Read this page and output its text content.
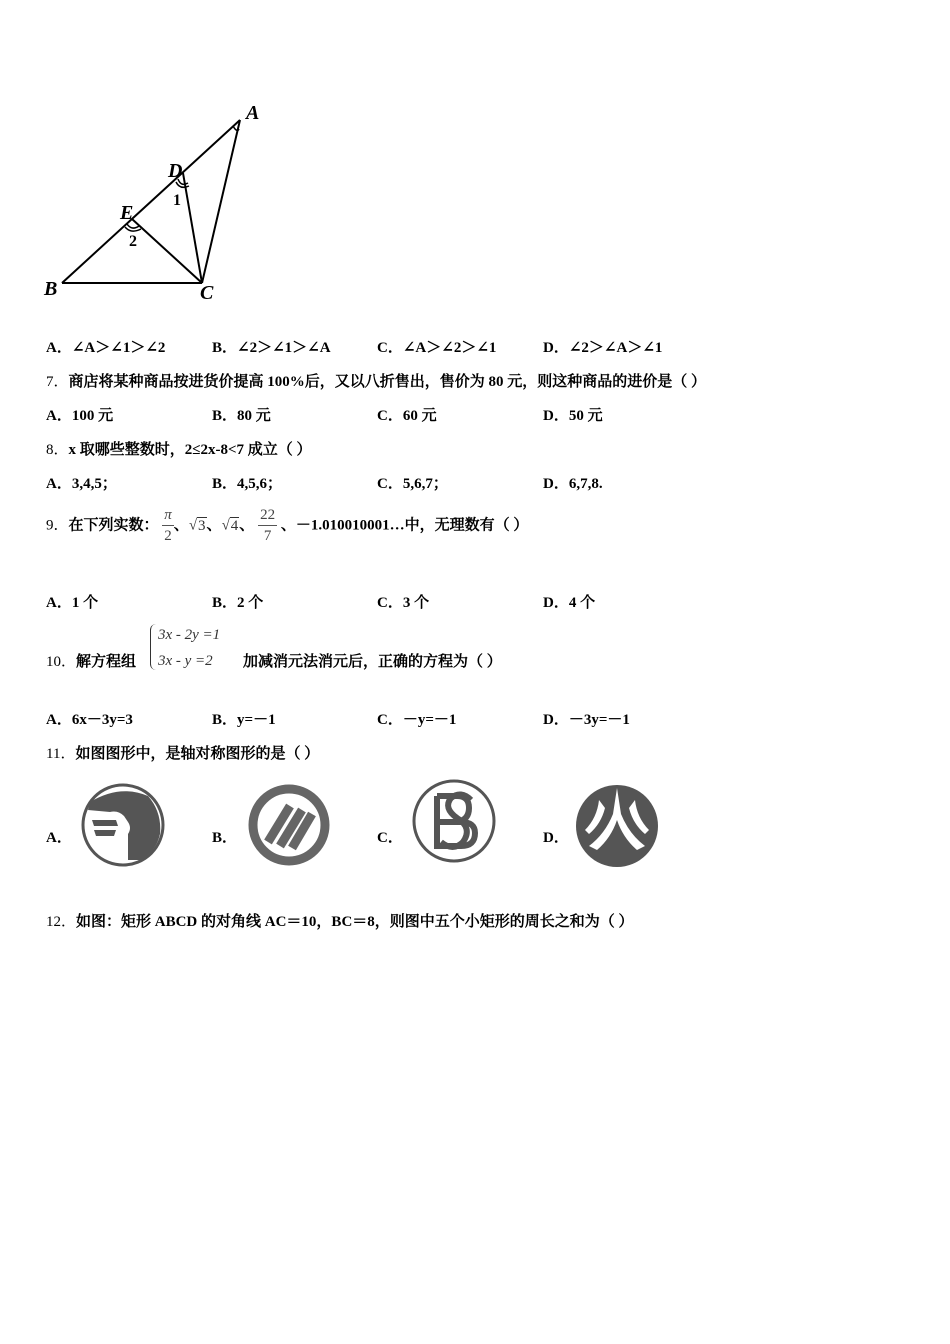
A
D
E
B	C
1
2
A．∠A＞∠1＞∠2	B．∠2＞∠1＞∠A	C．∠A＞∠2＞∠1	D．∠2＞∠A＞∠1
7．商店将某种商品按进货价提高 100%后，又以八折售出，售价为 80 元，则这种商品的进价是（ ）
A．100 元	B．80 元	C．60 元	D．50 元
8．x 取哪些整数时，2≤2x-8<7 成立（ ）
A．3,4,5；	B．4,5,6；	C．5,6,7；	D．6,7,8.
9．在下列实数： $\frac{\pi}{2}$ 、√3、√4、 $\frac{22}{7}$ 、－1.010010001…中，无理数有（ ）
A．1 个	B．2 个	C．3 个	D．4 个
10．解方程组
3x - 2y =1
3x - y =2 加减消元法消元后，正确的方程为（ ）
A．6x－3y=3	B．y=－1	C．－y=－1	D．－3y=－1
11．如图图形中，是轴对称图形的是（ ）
A．	B．	C．	D．
12．如图：矩形 ABCD 的对角线 AC＝10，BC＝8，则图中五个小矩形的周长之和为（ ）
